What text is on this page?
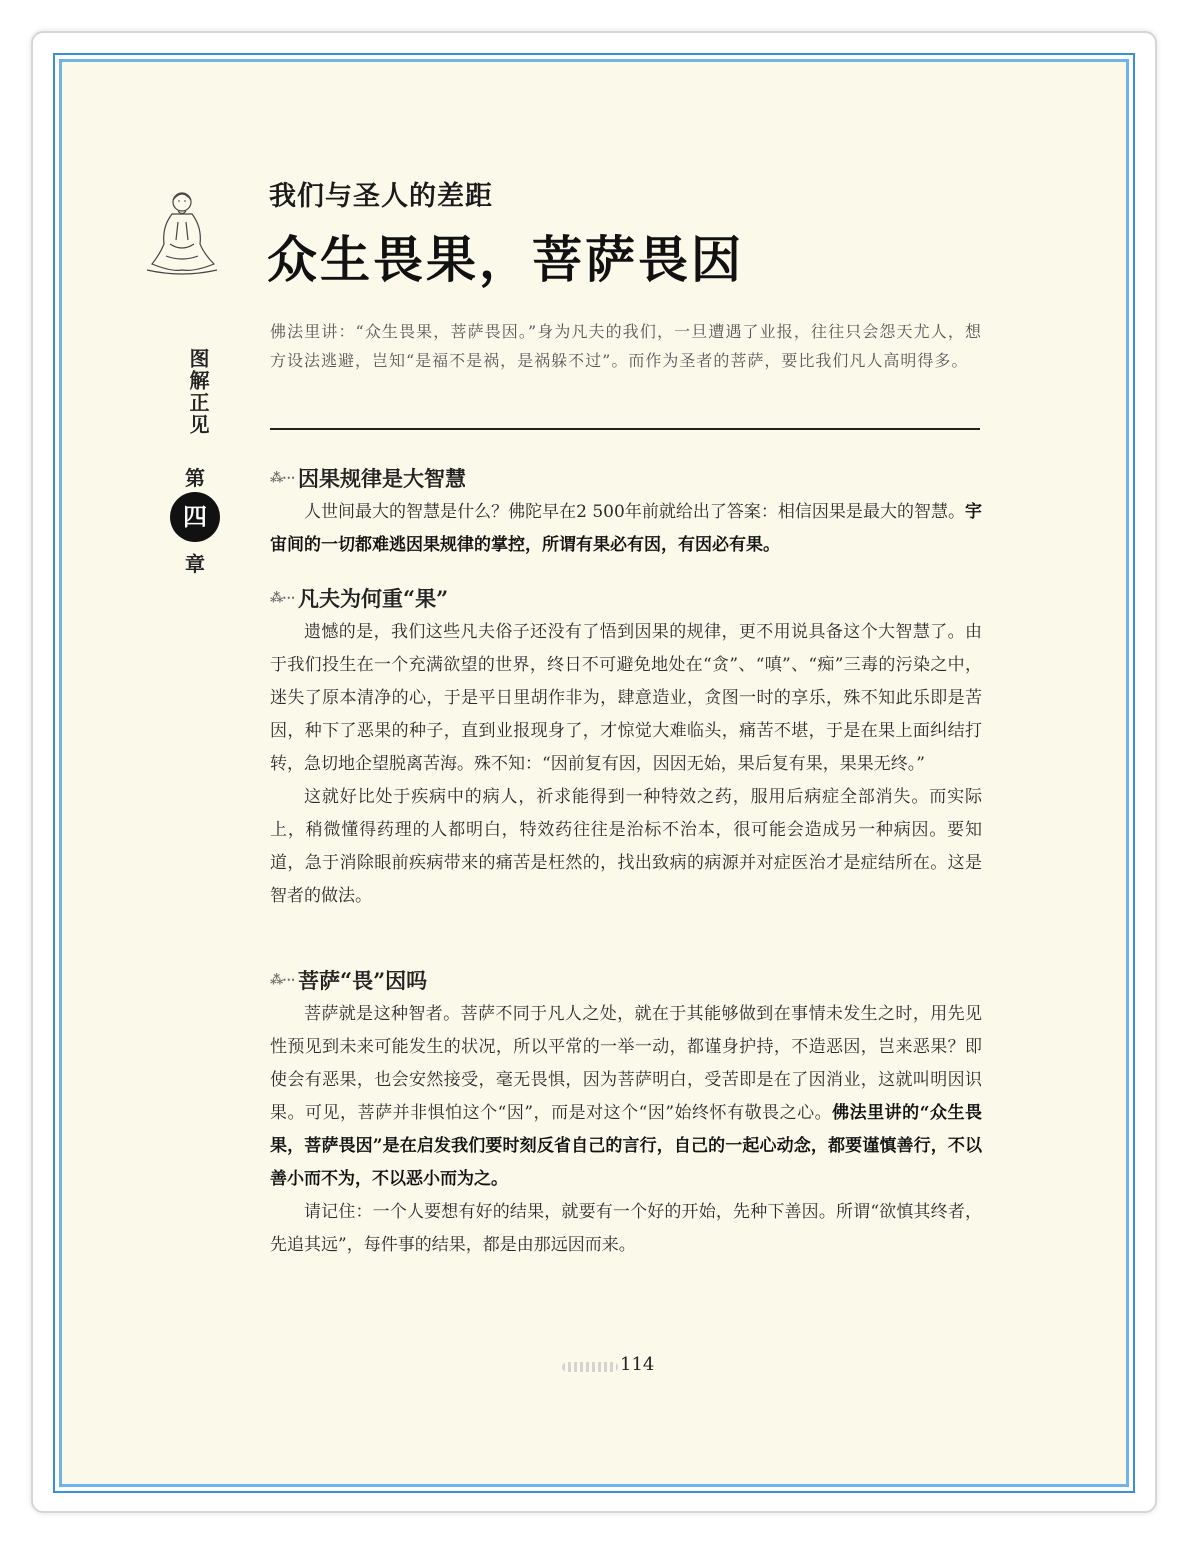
图解正见
第
四
章
我们与圣人的差距
众生畏果，菩萨畏因
佛法里讲：“众生畏果，菩萨畏因。”身为凡夫的我们，一旦遭遇了业报，往往只会怨天尤人，想方设法逃避，岂知“是福不是祸，是祸躲不过”。而作为圣者的菩萨，要比我们凡人高明得多。
⁂⋯ 因果规律是大智慧

人世间最大的智慧是什么？佛陀早在2 500年前就给出了答案：相信因果是最大的智慧。宇宙间的一切都难逃因果规律的掌控，所谓有果必有因，有因必有果。

⁂⋯ 凡夫为何重“果”

遗憾的是，我们这些凡夫俗子还没有了悟到因果的规律，更不用说具备这个大智慧了。由于我们投生在一个充满欲望的世界，终日不可避免地处在“贪”、“嗔”、“痴”三毒的污染之中，迷失了原本清净的心，于是平日里胡作非为，肆意造业，贪图一时的享乐，殊不知此乐即是苦因，种下了恶果的种子，直到业报现身了，才惊觉大难临头，痛苦不堪，于是在果上面纠结打转，急切地企望脱离苦海。殊不知：“因前复有因，因因无始，果后复有果，果果无终。”

这就好比处于疾病中的病人，祈求能得到一种特效之药，服用后病症全部消失。而实际上，稍微懂得药理的人都明白，特效药往往是治标不治本，很可能会造成另一种病因。要知道，急于消除眼前疾病带来的痛苦是枉然的，找出致病的病源并对症医治才是症结所在。这是智者的做法。

⁂⋯ 菩萨“畏”因吗

菩萨就是这种智者。菩萨不同于凡人之处，就在于其能够做到在事情未发生之时，用先见性预见到未来可能发生的状况，所以平常的一举一动，都谨身护持，不造恶因，岂来恶果？即使会有恶果，也会安然接受，毫无畏惧，因为菩萨明白，受苦即是在了因消业，这就叫明因识果。可见，菩萨并非惧怕这个“因”，而是对这个“因”始终怀有敬畏之心。佛法里讲的“众生畏果，菩萨畏因”是在启发我们要时刻反省自己的言行，自己的一起心动念，都要谨慎善行，不以善小而不为，不以恶小而为之。

请记住：一个人要想有好的结果，就要有一个好的开始，先种下善因。所谓“欲慎其终者，先追其远”，每件事的结果，都是由那远因而来。

114
